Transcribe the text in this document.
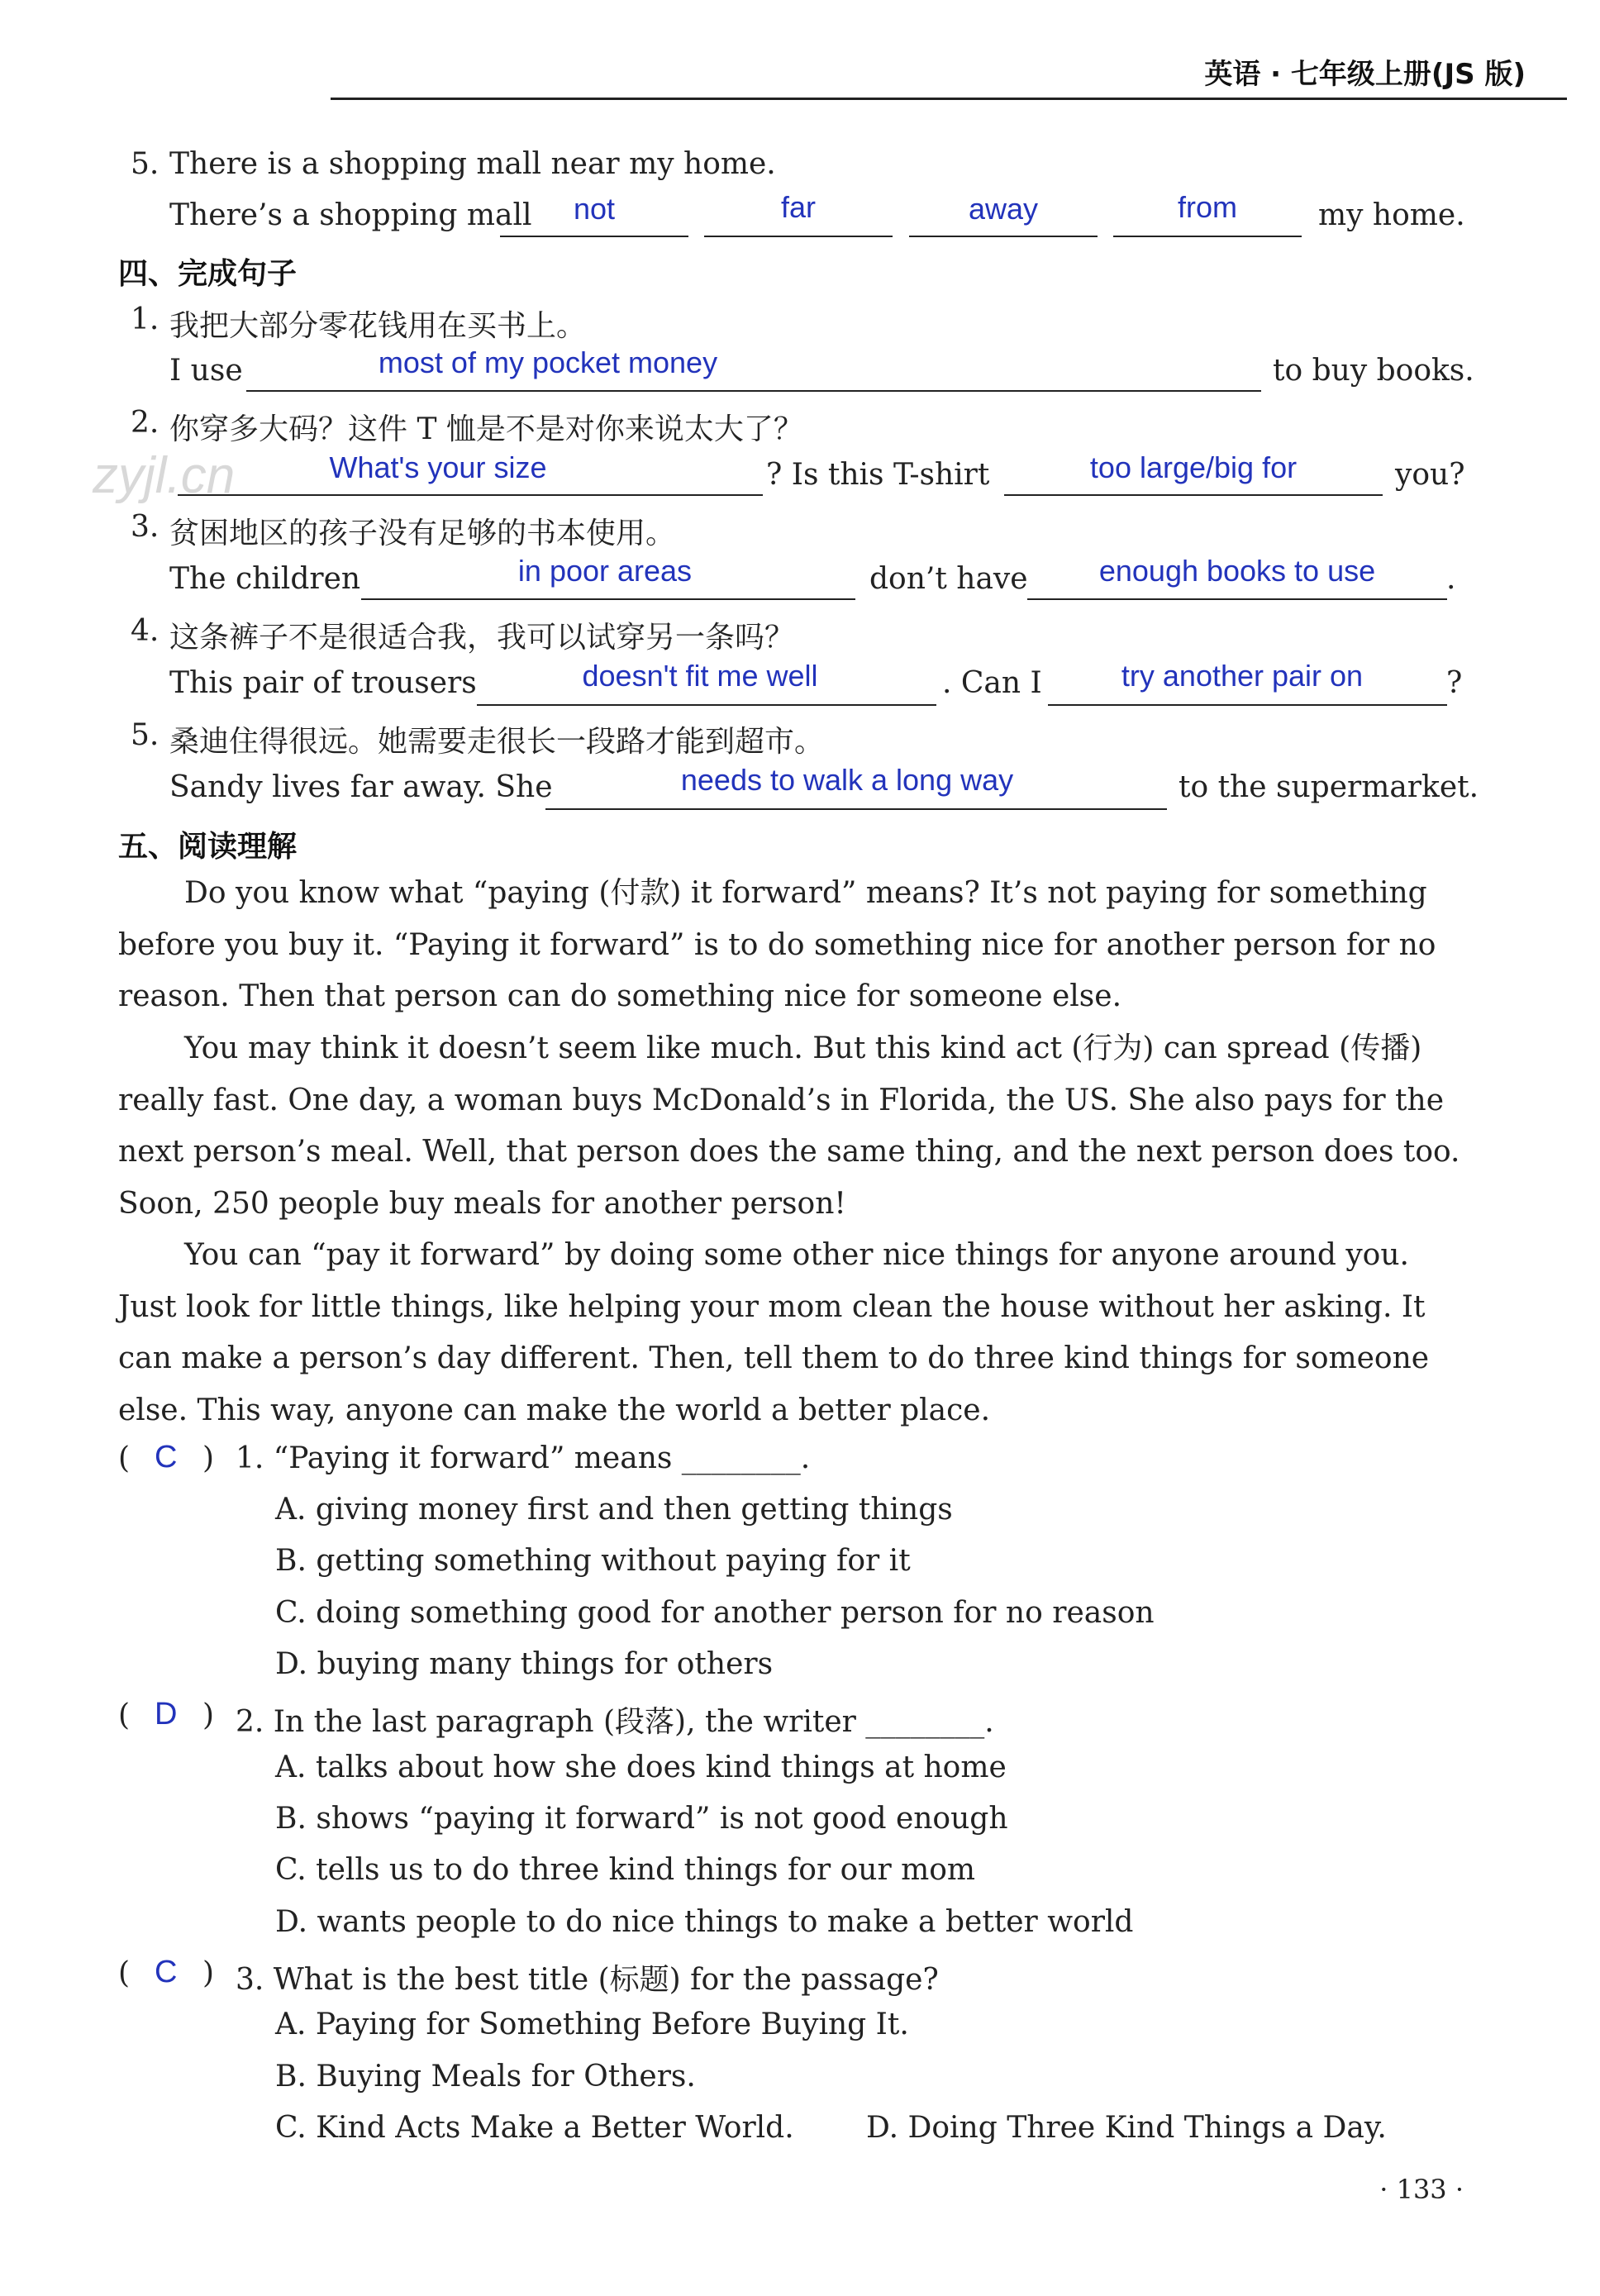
英语 · 七年级上册(JS 版)
zyjl.cn
5. There is a shopping mall near my home.
There’s a shopping mall	not	far	away	from	my home.
四、完成句子
1. 我把大部分零花钱用在买书上。
I use	most of my pocket money	to buy books.
2. 你穿多大码？这件 T 恤是不是对你来说太大了？
What's your size	? Is this T-shirt	too large/big for	you?
3. 贫困地区的孩子没有足够的书本使用。
The children	in poor areas	don’t have	enough books to use	.
4. 这条裤子不是很适合我，我可以试穿另一条吗？
This pair of trousers	doesn't fit me well	. Can I	try another pair on	?
5. 桑迪住得很远。她需要走很长一段路才能到超市。
Sandy lives far away. She	needs to walk a long way	to the supermarket.
五、阅读理解
Do you know what “paying (付款) it forward” means? It’s not paying for something before you buy it. “Paying it forward” is to do something nice for another person for no reason. Then that person can do something nice for someone else.
You may think it doesn’t seem like much. But this kind act (行为) can spread (传播) really fast. One day, a woman buys McDonald’s in Florida, the US. She also pays for the next person’s meal. Well, that person does the same thing, and the next person does too. Soon, 250 people buy meals for another person!
You can “pay it forward” by doing some other nice things for anyone around you. Just look for little things, like helping your mom clean the house without her asking. It can make a person’s day different. Then, tell them to do three kind things for someone else. This way, anyone can make the world a better place.
( C ) 1. “Paying it forward” means ________.
A. giving money first and then getting things
B. getting something without paying for it
C. doing something good for another person for no reason
D. buying many things for others
( D ) 2. In the last paragraph (段落), the writer ________.
A. talks about how she does kind things at home
B. shows “paying it forward” is not good enough
C. tells us to do three kind things for our mom
D. wants people to do nice things to make a better world
( C ) 3. What is the best title (标题) for the passage?
A. Paying for Something Before Buying It.
B. Buying Meals for Others.
C. Kind Acts Make a Better World. D. Doing Three Kind Things a Day.
· 133 ·
